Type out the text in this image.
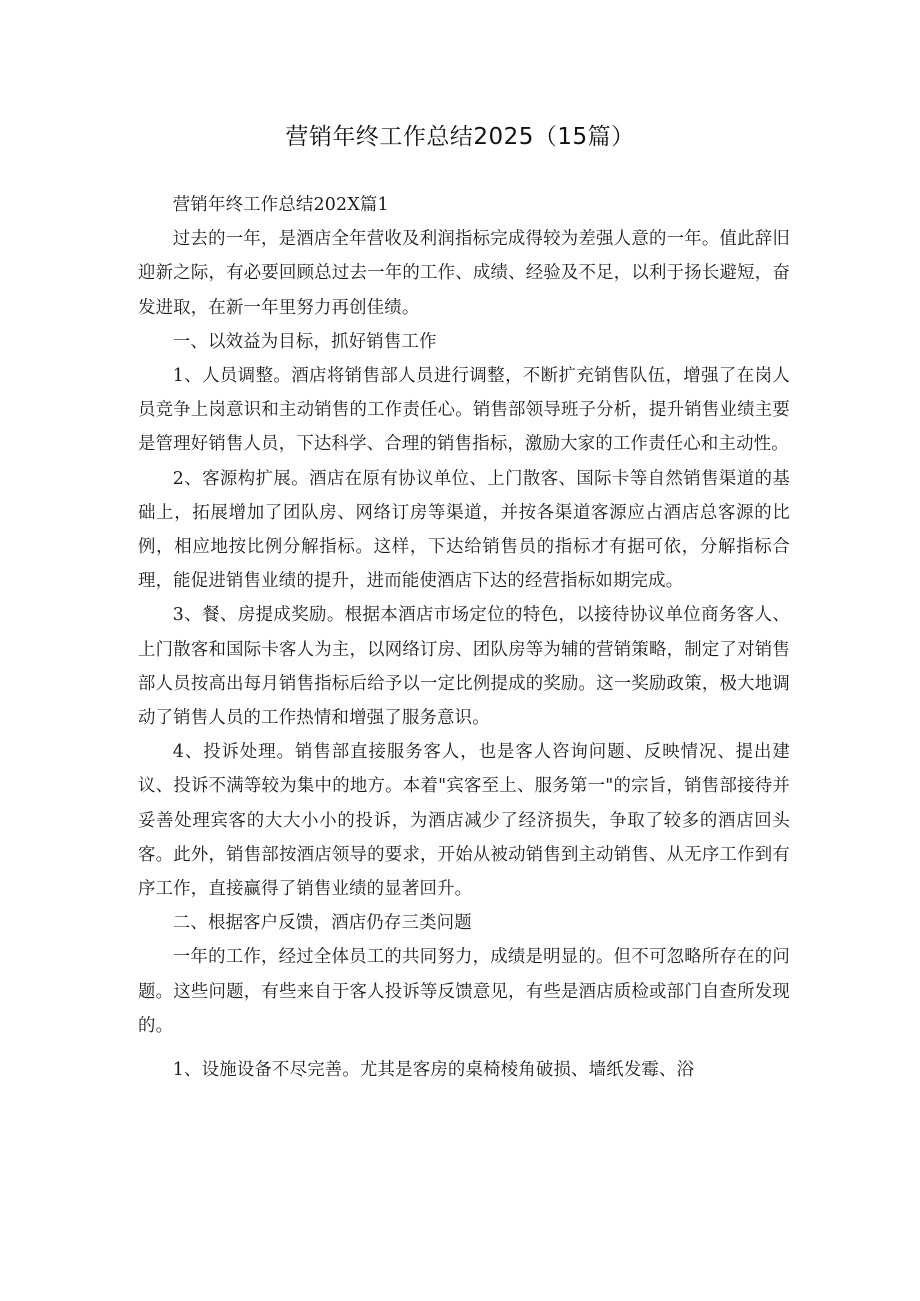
营销年终工作总结2025（15篇）

营销年终工作总结202X篇1

过去的一年，是酒店全年营收及利润指标完成得较为差强人意的一年。值此辞旧迎新之际，有必要回顾总过去一年的工作、成绩、经验及不足，以利于扬长避短，奋发进取，在新一年里努力再创佳绩。

一、以效益为目标，抓好销售工作

1、人员调整。酒店将销售部人员进行调整，不断扩充销售队伍，增强了在岗人员竞争上岗意识和主动销售的工作责任心。销售部领导班子分析，提升销售业绩主要是管理好销售人员，下达科学、合理的销售指标，激励大家的工作责任心和主动性。

2、客源构扩展。酒店在原有协议单位、上门散客、国际卡等自然销售渠道的基础上，拓展增加了团队房、网络订房等渠道，并按各渠道客源应占酒店总客源的比例，相应地按比例分解指标。这样，下达给销售员的指标才有据可依，分解指标合理，能促进销售业绩的提升，进而能使酒店下达的经营指标如期完成。

3、餐、房提成奖励。根据本酒店市场定位的特色，以接待协议单位商务客人、上门散客和国际卡客人为主，以网络订房、团队房等为辅的营销策略，制定了对销售部人员按高出每月销售指标后给予以一定比例提成的奖励。这一奖励政策，极大地调动了销售人员的工作热情和增强了服务意识。

4、投诉处理。销售部直接服务客人，也是客人咨询问题、反映情况、提出建议、投诉不满等较为集中的地方。本着"宾客至上、服务第一"的宗旨，销售部接待并妥善处理宾客的大大小小的投诉，为酒店减少了经济损失，争取了较多的酒店回头客。此外，销售部按酒店领导的要求，开始从被动销售到主动销售、从无序工作到有序工作，直接赢得了销售业绩的显著回升。

二、根据客户反馈，酒店仍存三类问题

一年的工作，经过全体员工的共同努力，成绩是明显的。但不可忽略所存在的问题。这些问题，有些来自于客人投诉等反馈意见，有些是酒店质检或部门自查所发现的。

1、设施设备不尽完善。尤其是客房的桌椅棱角破损、墙纸发霉、浴
